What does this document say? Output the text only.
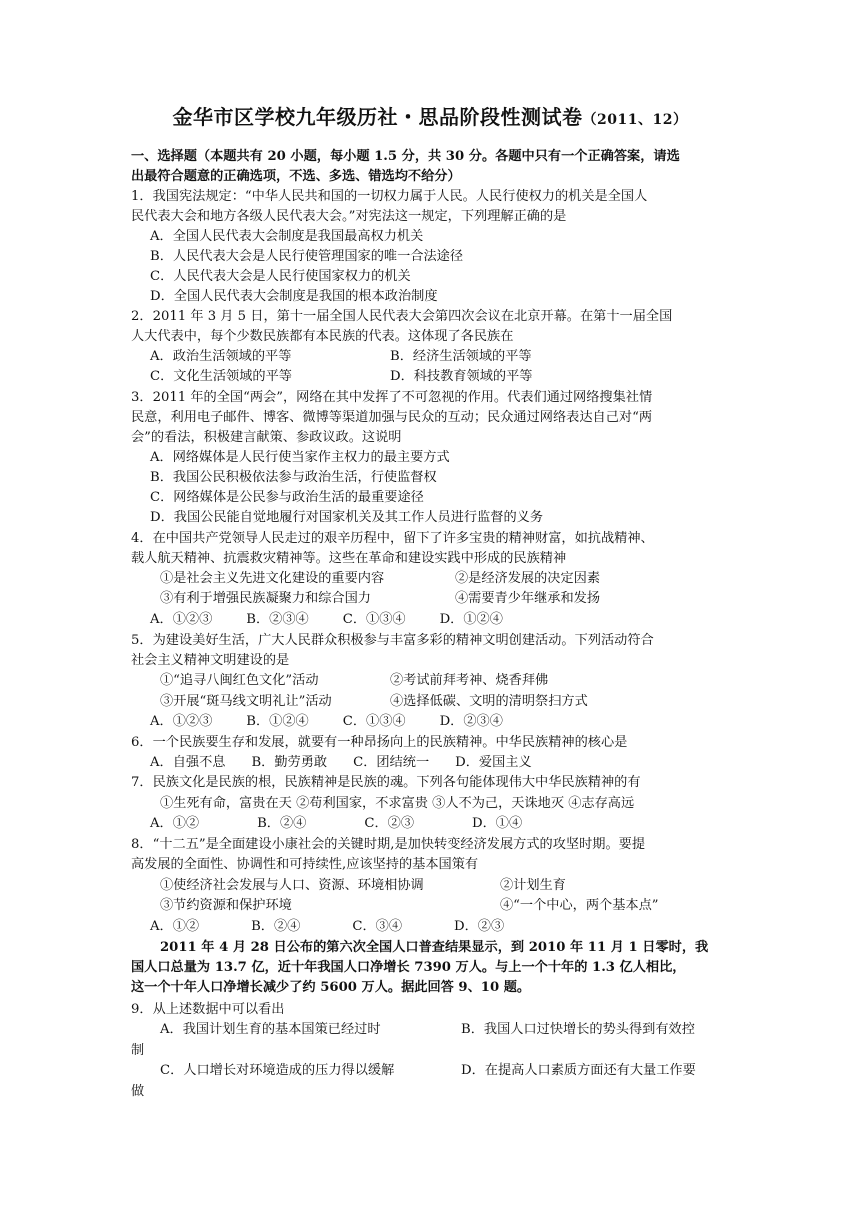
金华市区学校九年级历社・思品阶段性测试卷（2011、12）
一、选择题（本题共有 20 小题，每小题 1.5 分，共 30 分。各题中只有一个正确答案，请选
出最符合题意的正确选项，不选、多选、错选均不给分）
1．我国宪法规定：“中华人民共和国的一切权力属于人民。人民行使权力的机关是全国人
民代表大会和地方各级人民代表大会。”对宪法这一规定，下列理解正确的是
A．全国人民代表大会制度是我国最高权力机关
B．人民代表大会是人民行使管理国家的唯一合法途径
C．人民代表大会是人民行使国家权力的机关
D．全国人民代表大会制度是我国的根本政治制度
2．2011 年 3 月 5 日，第十一届全国人民代表大会第四次会议在北京开幕。在第十一届全国
人大代表中，每个少数民族都有本民族的代表。这体现了各民族在
A．政治生活领域的平等	B．经济生活领域的平等
C．文化生活领域的平等	D．科技教育领域的平等
3．2011 年的全国“两会”，网络在其中发挥了不可忽视的作用。代表们通过网络搜集社情
民意，利用电子邮件、博客、微博等渠道加强与民众的互动；民众通过网络表达自己对“两
会”的看法，积极建言献策、参政议政。这说明
A．网络媒体是人民行使当家作主权力的最主要方式
B．我国公民积极依法参与政治生活，行使监督权
C．网络媒体是公民参与政治生活的最重要途径
D．我国公民能自觉地履行对国家机关及其工作人员进行监督的义务
4．在中国共产党领导人民走过的艰辛历程中，留下了许多宝贵的精神财富，如抗战精神、
载人航天精神、抗震救灾精神等。这些在革命和建设实践中形成的民族精神
①是社会主义先进文化建设的重要内容	②是经济发展的决定因素
③有利于增强民族凝聚力和综合国力	④需要青少年继承和发扬
A．①②③	B．②③④	C．①③④	D．①②④
5．为建设美好生活，广大人民群众积极参与丰富多彩的精神文明创建活动。下列活动符合
社会主义精神文明建设的是
①“追寻八闽红色文化”活动	②考试前拜考神、烧香拜佛
③开展“斑马线文明礼让”活动	④选择低碳、文明的清明祭扫方式
A．①②③	B．①②④	C．①③④	D．②③④
6．一个民族要生存和发展，就要有一种昂扬向上的民族精神。中华民族精神的核心是
A．自强不息 B．勤劳勇敢 C．团结统一 D．爱国主义
7．民族文化是民族的根，民族精神是民族的魂。下列各句能体现伟大中华民族精神的有
①生死有命，富贵在天 ②苟利国家，不求富贵 ③人不为己，天诛地灭 ④志存高远
A．①②	B．②④	C．②③	D．①④
8．“十二五”是全面建设小康社会的关键时期,是加快转变经济发展方式的攻坚时期。要提
高发展的全面性、协调性和可持续性,应该坚持的基本国策有
①使经济社会发展与人口、资源、环境相协调	②计划生育
③节约资源和保护环境	④“一个中心，两个基本点”
A．①②	B．②④	C．③④	D．②③
2011 年 4 月 28 日公布的第六次全国人口普查结果显示，到 2010 年 11 月 1 日零时，我
国人口总量为 13.7 亿，近十年我国人口净增长 7390 万人。与上一个十年的 1.3 亿人相比，
这一个十年人口净增长减少了约 5600 万人。据此回答 9、10 题。
9．从上述数据中可以看出
A．我国计划生育的基本国策已经过时	B．我国人口过快增长的势头得到有效控
制
C．人口增长对环境造成的压力得以缓解	D．在提高人口素质方面还有大量工作要
做
